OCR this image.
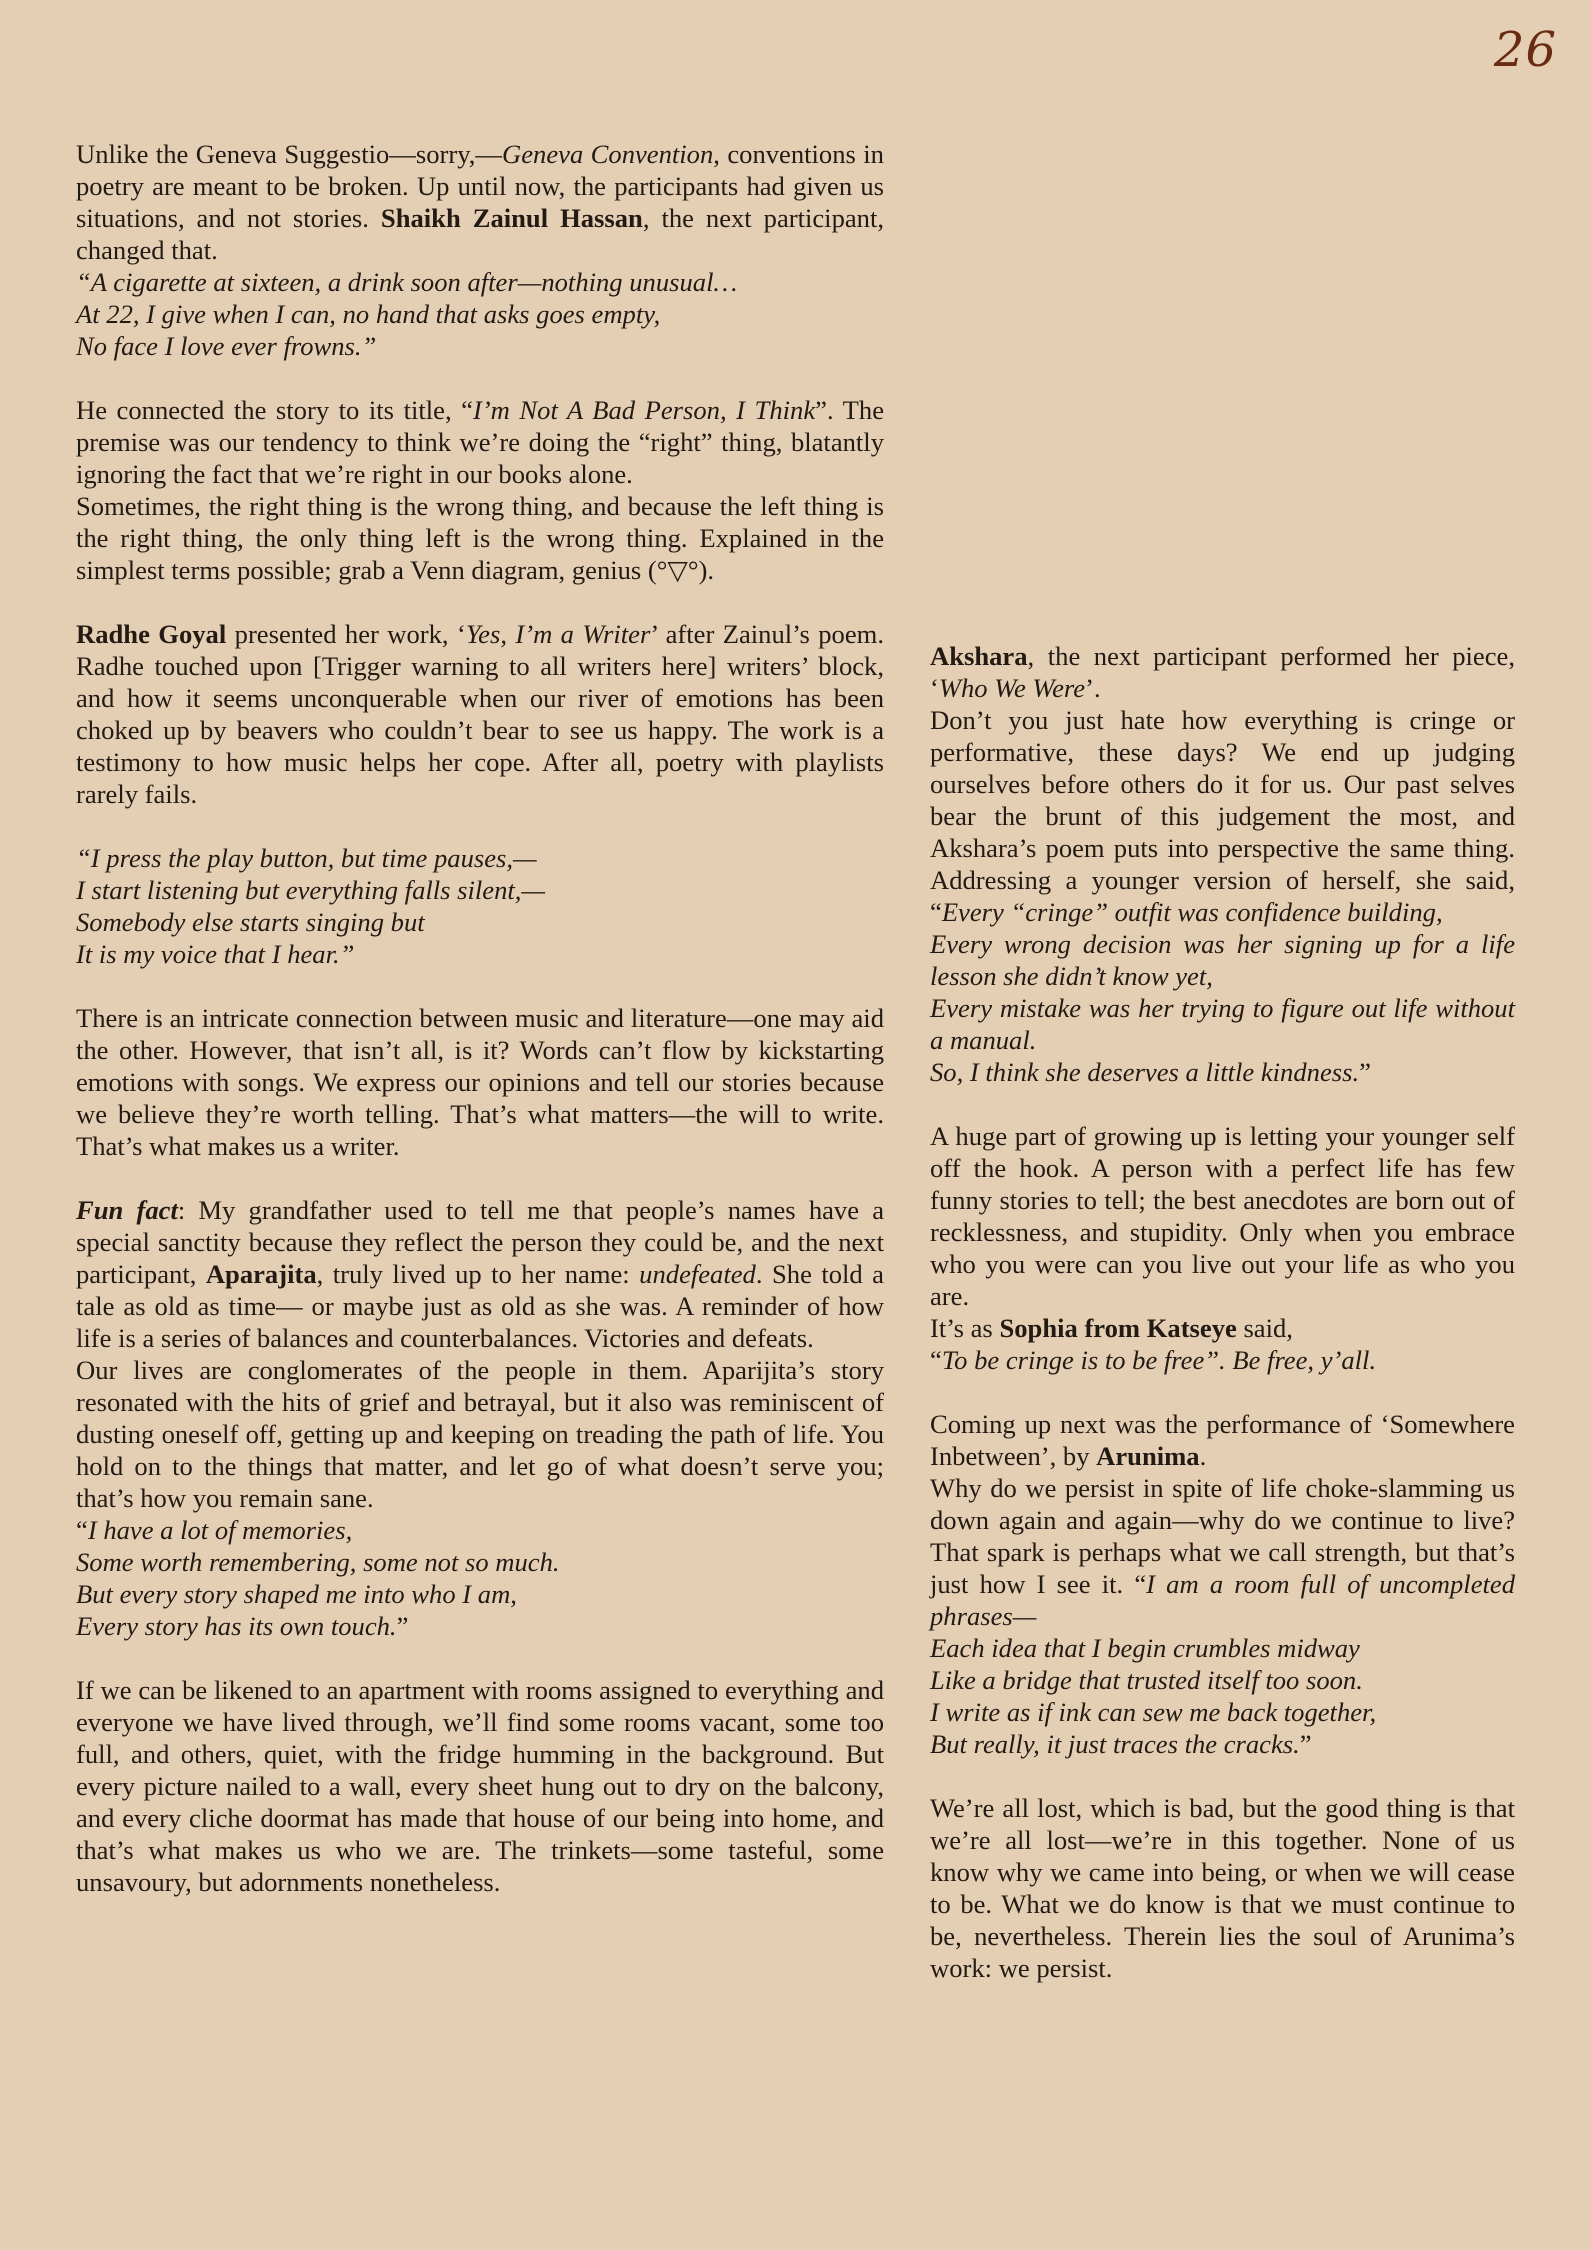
26

Unlike the Geneva Suggestio—sorry,—Geneva Convention, conventions in poetry are meant to be broken. Up until now, the participants had given us situations, and not stories. Shaikh Zainul Hassan, the next participant, changed that.

“A cigarette at sixteen, a drink soon after—nothing unusual…
At 22, I give when I can, no hand that asks goes empty,
No face I love ever frowns.”

He connected the story to its title, “I’m Not A Bad Person, I Think”. The premise was our tendency to think we’re doing the “right” thing, blatantly ignoring the fact that we’re right in our books alone.

Sometimes, the right thing is the wrong thing, and because the left thing is the right thing, the only thing left is the wrong thing. Explained in the simplest terms possible; grab a Venn diagram, genius (°▽°).

Radhe Goyal presented her work, ‘Yes, I’m a Writer’ after Zainul’s poem. Radhe touched upon [Trigger warning to all writers here] writers’ block, and how it seems unconquerable when our river of emotions has been choked up by beavers who couldn’t bear to see us happy. The work is a testimony to how music helps her cope. After all, poetry with playlists rarely fails.

“I press the play button, but time pauses,—
I start listening but everything falls silent,—
Somebody else starts singing but
It is my voice that I hear.”

There is an intricate connection between music and literature—one may aid the other. However, that isn’t all, is it? Words can’t flow by kickstarting emotions with songs. We express our opinions and tell our stories because we believe they’re worth telling. That’s what matters—the will to write. That’s what makes us a writer.

Fun fact: My grandfather used to tell me that people’s names have a special sanctity because they reflect the person they could be, and the next participant, Aparajita, truly lived up to her name: undefeated. She told a tale as old as time— or maybe just as old as she was. A reminder of how life is a series of balances and counterbalances. Victories and defeats.

Our lives are conglomerates of the people in them. Aparijita’s story resonated with the hits of grief and betrayal, but it also was reminiscent of dusting oneself off, getting up and keeping on treading the path of life. You hold on to the things that matter, and let go of what doesn’t serve you; that’s how you remain sane.

“I have a lot of memories,
Some worth remembering, some not so much.
But every story shaped me into who I am,
Every story has its own touch.”

If we can be likened to an apartment with rooms assigned to everything and everyone we have lived through, we’ll find some rooms vacant, some too full, and others, quiet, with the fridge humming in the background. But every picture nailed to a wall, every sheet hung out to dry on the balcony, and every cliche doormat has made that house of our being into home, and that’s what makes us who we are. The trinkets—some tasteful, some unsavoury, but adornments nonetheless.

Akshara, the next participant performed her piece, ‘Who We Were’.

Don’t you just hate how everything is cringe or performative, these days? We end up judging ourselves before others do it for us. Our past selves bear the brunt of this judgement the most, and Akshara’s poem puts into perspective the same thing. Addressing a younger version of herself, she said, “Every “cringe” outfit was confidence building,

Every wrong decision was her signing up for a life lesson she didn’t know yet,
Every mistake was her trying to figure out life without a manual.
So, I think she deserves a little kindness.”

A huge part of growing up is letting your younger self off the hook. A person with a perfect life has few funny stories to tell; the best anecdotes are born out of recklessness, and stupidity. Only when you embrace who you were can you live out your life as who you are.

It’s as Sophia from Katseye said,

“To be cringe is to be free”. Be free, y’all.

Coming up next was the performance of ‘Somewhere Inbetween’, by Arunima.

Why do we persist in spite of life choke-slamming us down again and again—why do we continue to live? That spark is perhaps what we call strength, but that’s just how I see it. “I am a room full of uncompleted phrases—

Each idea that I begin crumbles midway
Like a bridge that trusted itself too soon.
I write as if ink can sew me back together,
But really, it just traces the cracks.”

We’re all lost, which is bad, but the good thing is that we’re all lost—we’re in this together. None of us know why we came into being, or when we will cease to be. What we do know is that we must continue to be, nevertheless. Therein lies the soul of Arunima’s work: we persist.
